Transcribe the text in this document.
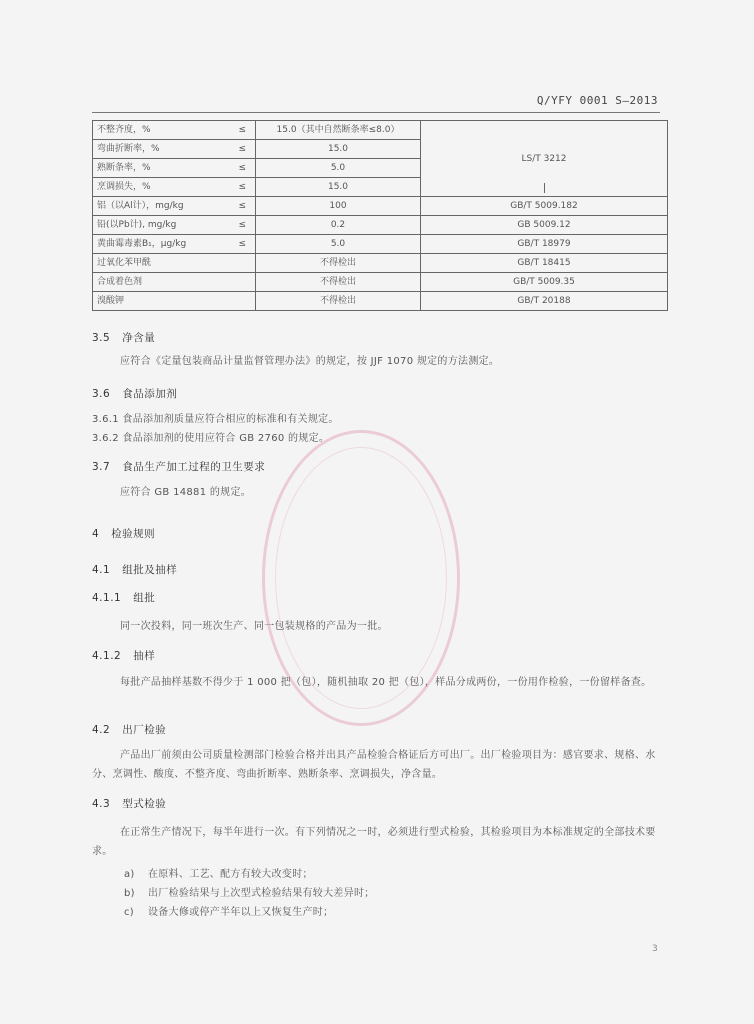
Q/YFY 0001 S—2013
不整齐度，%	≤	15.0（其中自然断条率≤8.0）	LS/T 3212

弯曲折断率，%	≤	15.0	
熟断条率，%	≤	5.0	
烹调损失，%	≤	15.0	
铝（以Al计），mg/kg	≤	100	GB/T 5009.182
铅(以Pb计), mg/kg	≤	0.2	GB 5009.12
黄曲霉毒素B₁，μg/kg	≤	5.0	GB/T 18979
过氧化苯甲酰		不得检出	GB/T 18415
合成着色剂		不得检出	GB/T 5009.35
溴酸钾		不得检出	GB/T 20188
3.5 净含量
应符合《定量包装商品计量监督管理办法》的规定，按 JJF 1070 规定的方法测定。
3.6 食品添加剂
3.6.1 食品添加剂质量应符合相应的标准和有关规定。
3.6.2 食品添加剂的使用应符合 GB 2760 的规定。
3.7 食品生产加工过程的卫生要求
应符合 GB 14881 的规定。
4 检验规则
4.1 组批及抽样
4.1.1 组批
同一次投料，同一班次生产、同一包装规格的产品为一批。
4.1.2 抽样
每批产品抽样基数不得少于 1 000 把（包），随机抽取 20 把（包），样品分成两份，一份用作检验，一份留样备查。
4.2 出厂检验
产品出厂前须由公司质量检测部门检验合格并出具产品检验合格证后方可出厂。出厂检验项目为：感官要求、规格、水分、烹调性、酸度、不整齐度、弯曲折断率、熟断条率、烹调损失，净含量。
4.3 型式检验
在正常生产情况下，每半年进行一次。有下列情况之一时，必须进行型式检验，其检验项目为本标准规定的全部技术要求。
a) 在原料、工艺、配方有较大改变时；
b) 出厂检验结果与上次型式检验结果有较大差异时；
c) 设备大修或停产半年以上又恢复生产时；
3
